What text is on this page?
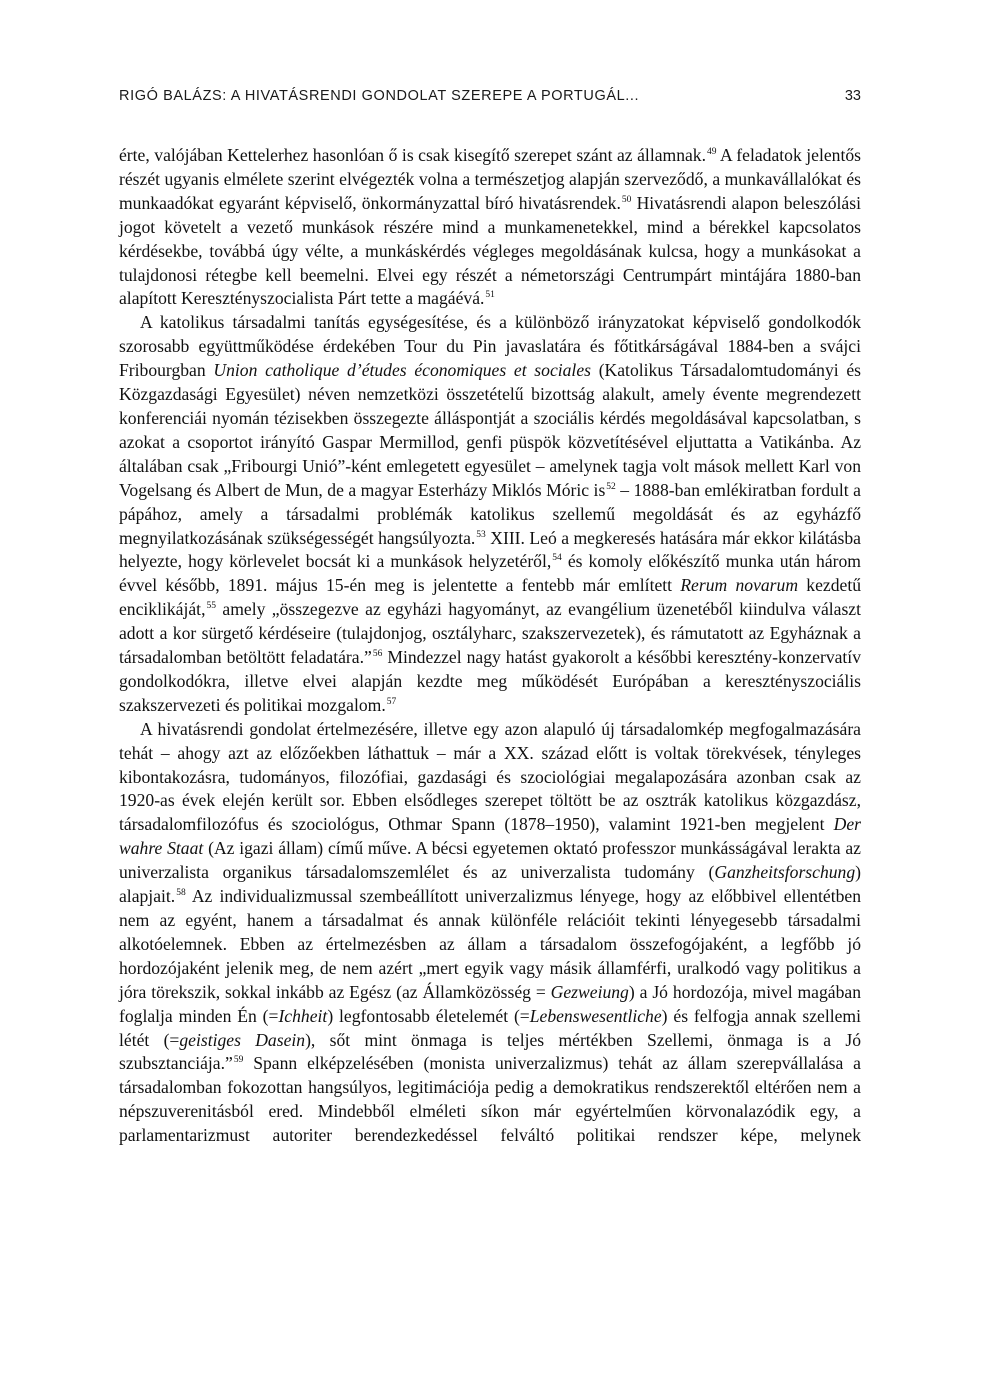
RIGÓ BALÁZS: A HIVATÁSRENDI GONDOLAT SZEREPE A PORTUGÁL...	33

érte, valójában Kettelerhez hasonlóan ő is csak kisegítő szerepet szánt az államnak.$^{49}$ A feladatok jelentős részét ugyanis elmélete szerint elvégezték volna a természetjog alapján szerveződő, a munkavállalókat és munkaadókat egyaránt képviselő, önkormányzattal bíró hivatásrendek.$^{50}$ Hivatásrendi alapon beleszólási jogot követelt a vezető munkások részére mind a munkamenetekkel, mind a bérekkel kapcsolatos kérdésekbe, továbbá úgy vélte, a munkáskérdés végleges megoldásának kulcsa, hogy a munkásokat a tulajdonosi rétegbe kell beemelni. Elvei egy részét a németországi Centrumpárt mintájára 1880-ban alapított Keresztényszocialista Párt tette a magáévá.$^{51}$

A katolikus társadalmi tanítás egységesítése, és a különböző irányzatokat képviselő gondolkodók szorosabb együttműködése érdekében Tour du Pin javaslatára és főtitkárságával 1884-ben a svájci Fribourgban Union catholique d’études économiques et sociales (Katolikus Társadalomtudományi és Közgazdasági Egyesület) néven nemzetközi összetételű bizottság alakult, amely évente megrendezett konferenciái nyomán tézisekben összegezte álláspontját a szociális kérdés megoldásával kapcsolatban, s azokat a csoportot irányító Gaspar Mermillod, genfi püspök közvetítésével eljuttatta a Vatikánba. Az általában csak „Fribourgi Unió”-ként emlegetett egyesület – amelynek tagja volt mások mellett Karl von Vogelsang és Albert de Mun, de a magyar Esterházy Miklós Móric is$^{52}$ – 1888-ban emlékiratban fordult a pápához, amely a társadalmi problémák katolikus szellemű megoldását és az egyházfő megnyilatkozásának szükségességét hangsúlyozta.$^{53}$ XIII. Leó a megkeresés hatására már ekkor kilátásba helyezte, hogy körlevelet bocsát ki a munkások helyzetéről,$^{54}$ és komoly előkészítő munka után három évvel később, 1891. május 15-én meg is jelentette a fentebb már említett Rerum novarum kezdetű enciklikáját,$^{55}$ amely „összegezve az egyházi hagyományt, az evangélium üzenetéből kiindulva választ adott a kor sürgető kérdéseire (tulajdonjog, osztályharc, szakszervezetek), és rámutatott az Egyháznak a társadalomban betöltött feladatára.”$^{56}$ Mindezzel nagy hatást gyakorolt a későbbi keresztény-konzervatív gondolkodókra, illetve elvei alapján kezdte meg működését Európában a keresztényszociális szakszervezeti és politikai mozgalom.$^{57}$

A hivatásrendi gondolat értelmezésére, illetve egy azon alapuló új társadalomkép megfogalmazására tehát – ahogy azt az előzőekben láthattuk – már a XX. század előtt is voltak törekvések, tényleges kibontakozásra, tudományos, filozófiai, gazdasági és szociológiai megalapozására azonban csak az 1920-as évek elején került sor. Ebben elsődleges szerepet töltött be az osztrák katolikus közgazdász, társadalomfilozófus és szociológus, Othmar Spann (1878–1950), valamint 1921-ben megjelent Der wahre Staat (Az igazi állam) című műve. A bécsi egyetemen oktató professzor munkásságával lerakta az univerzalista organikus társadalomszemlélet és az univerzalista tudomány (Ganzheitsforschung) alapjait.$^{58}$ Az individualizmussal szembeállított univerzalizmus lényege, hogy az előbbivel ellentétben nem az egyént, hanem a társadalmat és annak különféle relációit tekinti lényegesebb társadalmi alkotóelemnek. Ebben az értelmezésben az állam a társadalom összefogójaként, a legfőbb jó hordozójaként jelenik meg, de nem azért „mert egyik vagy másik államférfi, uralkodó vagy politikus a jóra törekszik, sokkal inkább az Egész (az Államközösség = Gezweiung) a Jó hordozója, mivel magában foglalja minden Én (=Ichheit) legfontosabb életelemét (=Lebenswesentliche) és felfogja annak szellemi létét (=geistiges Dasein), sőt mint önmaga is teljes mértékben Szellemi, önmaga is a Jó szubsztanciája.”$^{59}$ Spann elképzelésében (monista univerzalizmus) tehát az állam szerepvállalása a társadalomban fokozottan hangsúlyos, legitimációja pedig a demokratikus rendszerektől eltérően nem a népszuverenitásból ered. Mindebből elméleti síkon már egyértelműen körvonalazódik egy, a parlamentarizmust autoriter berendezkedéssel felváltó politikai rendszer képe, melynek
